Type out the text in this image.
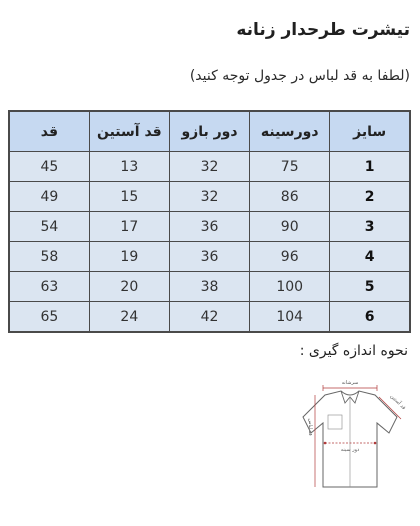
تیشرت طرحدار زنانه

(لطفا به قد لباس در جدول توجه کنید)

سایز	دورسینه	دور بازو	قد آستین	قد
1	75	32	13	45
2	86	32	15	49
3	90	36	17	54
4	96	36	19	58
5	100	38	20	63
6	104	42	24	65

نحوه اندازه گیری :

سرشانه
قد لباس
دور سینه
قد آستین
